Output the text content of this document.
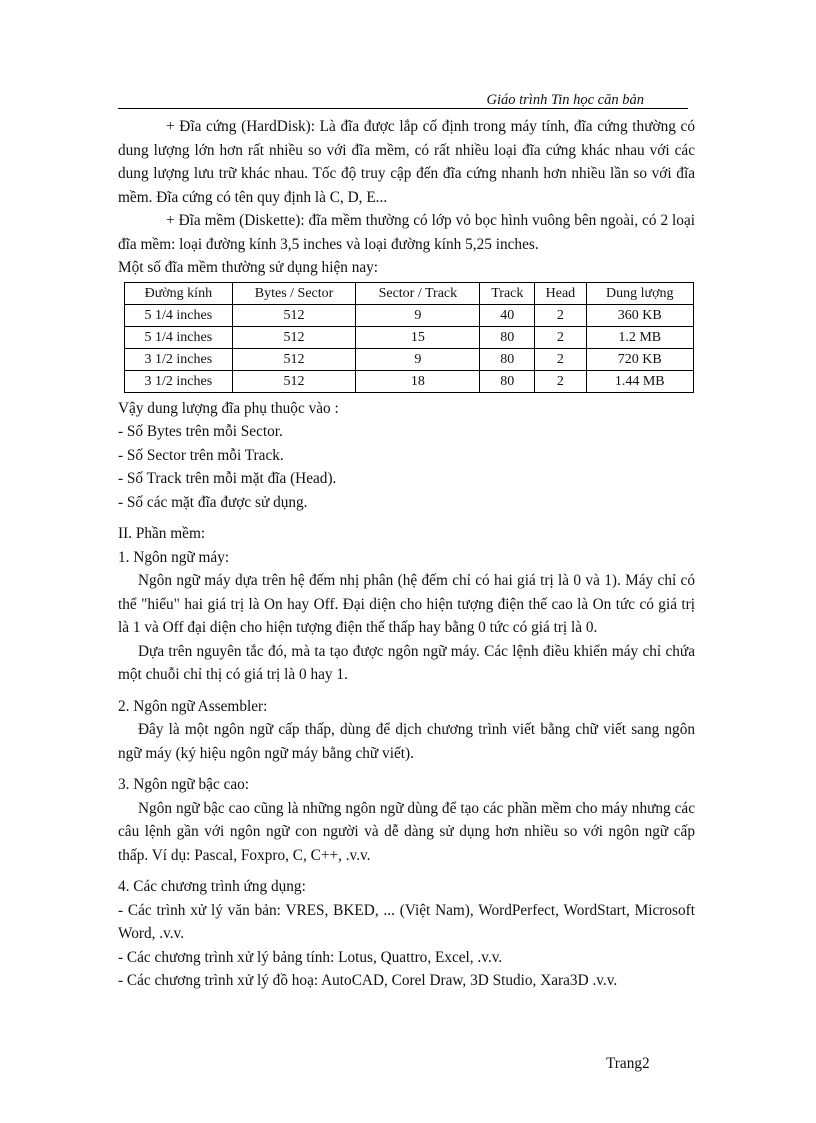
Giáo trình Tin học căn bản

+ Đĩa cứng (HardDisk): Là đĩa được lắp cố định trong máy tính, đĩa cứng thường có dung lượng lớn hơn rất nhiều so với đĩa mềm, có rất nhiều loại đĩa cứng khác nhau với các dung lượng lưu trữ khác nhau. Tốc độ truy cập đến đĩa cứng nhanh hơn nhiều lần so với đĩa mềm. Đĩa cứng có tên quy định là C, D, E...

+ Đĩa mềm (Diskette): đĩa mềm thường có lớp vỏ bọc hình vuông bên ngoài, có 2 loại đĩa mềm: loại đường kính 3,5 inches và loại đường kính 5,25 inches.

Một số đĩa mềm thường sử dụng hiện nay:

Đường kính	Bytes / Sector	Sector / Track	Track	Head	Dung lượng
5 1/4 inches	512	9	40	2	360 KB
5 1/4 inches	512	15	80	2	1.2 MB
3 1/2 inches	512	9	80	2	720 KB
3 1/2 inches	512	18	80	2	1.44 MB

Vậy dung lượng đĩa phụ thuộc vào :

- Số Bytes trên mỗi Sector.

- Số Sector trên mỗi Track.

- Số Track trên mỗi mặt đĩa (Head).

- Số các mặt đĩa được sử dụng.

II. Phần mềm:

1. Ngôn ngữ máy:

Ngôn ngữ máy dựa trên hệ đếm nhị phân (hệ đếm chỉ có hai giá trị là 0 và 1). Máy chỉ có thể "hiểu" hai giá trị là On hay Off. Đại diện cho hiện tượng điện thế cao là On tức có giá trị là 1 và Off đại diện cho hiện tượng điện thế thấp hay bằng 0 tức có giá trị là 0.

Dựa trên nguyên tắc đó, mà ta tạo được ngôn ngữ máy. Các lệnh điều khiển máy chỉ chứa một chuỗi chỉ thị có giá trị là 0 hay 1.

2. Ngôn ngữ Assembler:

Đây là một ngôn ngữ cấp thấp, dùng để dịch chương trình viết bằng chữ viết sang ngôn ngữ máy (ký hiệu ngôn ngữ máy bằng chữ viết).

3. Ngôn ngữ bậc cao:

Ngôn ngữ bậc cao cũng là những ngôn ngữ dùng để tạo các phần mềm cho máy nhưng các câu lệnh gần với ngôn ngữ con người và dễ dàng sử dụng hơn nhiều so với ngôn ngữ cấp thấp. Ví dụ: Pascal, Foxpro, C, C++, .v.v.

4. Các chương trình ứng dụng:

- Các trình xử lý văn bản: VRES, BKED, ... (Việt Nam), WordPerfect, WordStart, Microsoft Word, .v.v.

- Các chương trình xử lý bảng tính: Lotus, Quattro, Excel, .v.v.

- Các chương trình xử lý đồ hoạ: AutoCAD, Corel Draw, 3D Studio, Xara3D .v.v.

Trang2
